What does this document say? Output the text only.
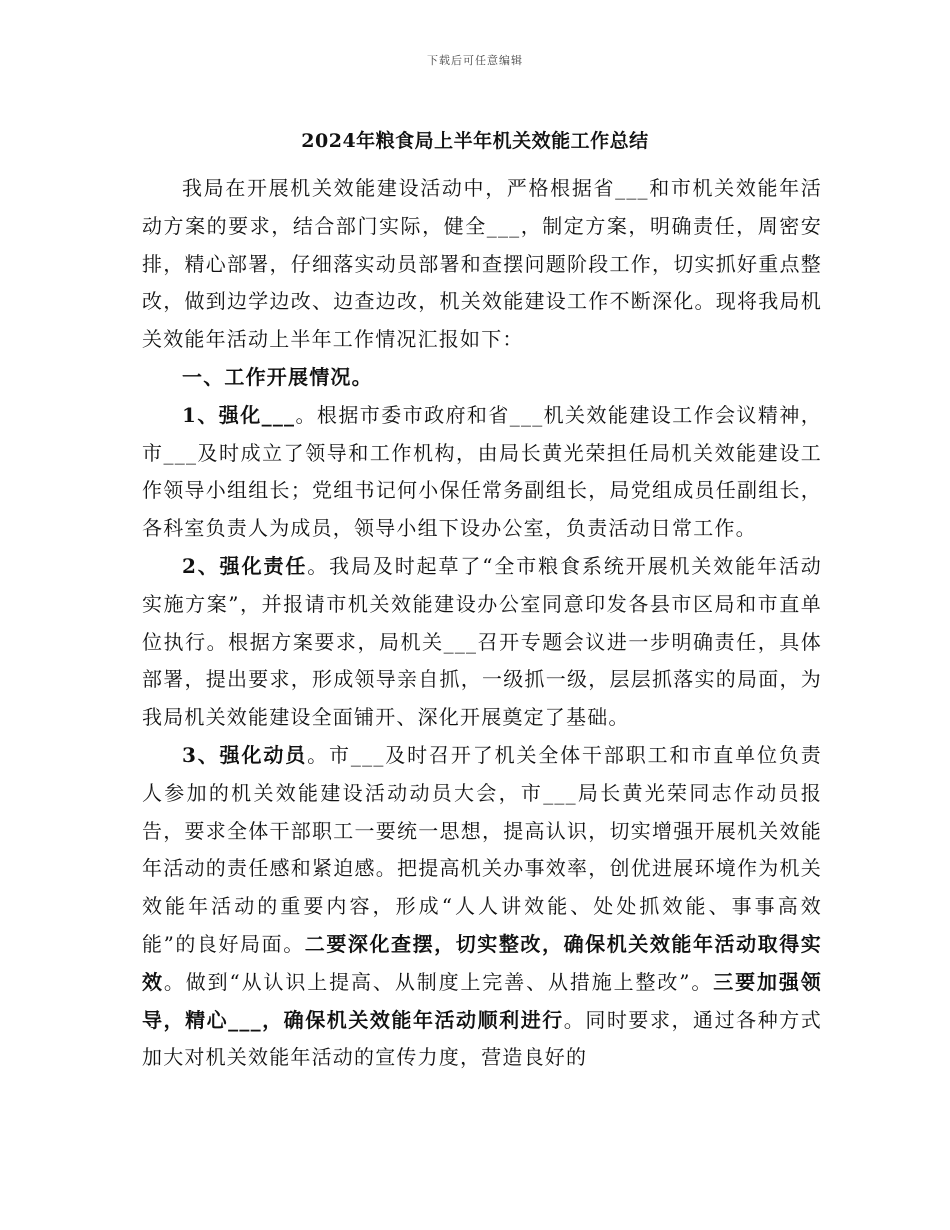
下载后可任意编辑
2024年粮食局上半年机关效能工作总结

我局在开展机关效能建设活动中，严格根据省___和市机关效能年活动方案的要求，结合部门实际，健全___，制定方案，明确责任，周密安排，精心部署，仔细落实动员部署和查摆问题阶段工作，切实抓好重点整改，做到边学边改、边查边改，机关效能建设工作不断深化。现将我局机关效能年活动上半年工作情况汇报如下：

一、工作开展情况。

1、强化___。根据市委市政府和省___机关效能建设工作会议精神，市___及时成立了领导和工作机构，由局长黄光荣担任局机关效能建设工作领导小组组长；党组书记何小保任常务副组长，局党组成员任副组长，各科室负责人为成员，领导小组下设办公室，负责活动日常工作。

2、强化责任。我局及时起草了“全市粮食系统开展机关效能年活动实施方案”，并报请市机关效能建设办公室同意印发各县市区局和市直单位执行。根据方案要求，局机关___召开专题会议进一步明确责任，具体部署，提出要求，形成领导亲自抓，一级抓一级，层层抓落实的局面，为我局机关效能建设全面铺开、深化开展奠定了基础。

3、强化动员。市___及时召开了机关全体干部职工和市直单位负责人参加的机关效能建设活动动员大会，市___局长黄光荣同志作动员报告，要求全体干部职工一要统一思想，提高认识，切实增强开展机关效能年活动的责任感和紧迫感。把提高机关办事效率，创优进展环境作为机关效能年活动的重要内容，形成“人人讲效能、处处抓效能、事事高效能”的良好局面。二要深化查摆，切实整改，确保机关效能年活动取得实效。做到“从认识上提高、从制度上完善、从措施上整改”。三要加强领导，精心___，确保机关效能年活动顺利进行。同时要求，通过各种方式加大对机关效能年活动的宣传力度，营造良好的
